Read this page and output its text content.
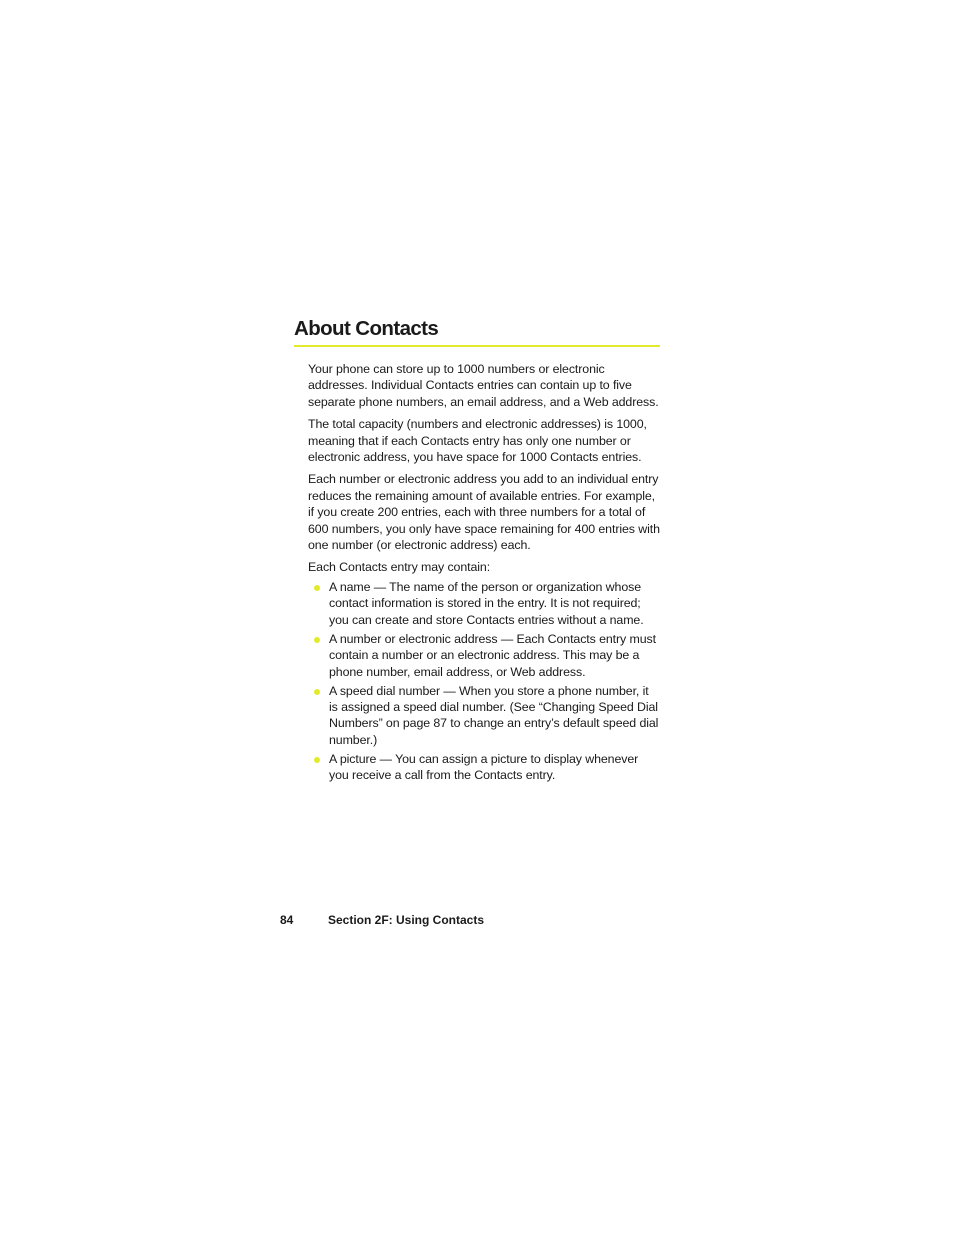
About Contacts

Your phone can store up to 1000 numbers or electronic addresses. Individual Contacts entries can contain up to five separate phone numbers, an email address, and a Web address.

The total capacity (numbers and electronic addresses) is 1000, meaning that if each Contacts entry has only one number or electronic address, you have space for 1000 Contacts entries.

Each number or electronic address you add to an individual entry reduces the remaining amount of available entries. For example, if you create 200 entries, each with three numbers for a total of 600 numbers, you only have space remaining for 400 entries with one number (or electronic address) each.

Each Contacts entry may contain:

A name — The name of the person or organization whose contact information is stored in the entry. It is not required; you can create and store Contacts entries without a name.
A number or electronic address — Each Contacts entry must contain a number or an electronic address. This may be a phone number, email address, or Web address.
A speed dial number — When you store a phone number, it is assigned a speed dial number. (See “Changing Speed Dial Numbers” on page 87 to change an entry’s default speed dial number.)
A picture — You can assign a picture to display whenever you receive a call from the Contacts entry.
84	Section 2F: Using Contacts
